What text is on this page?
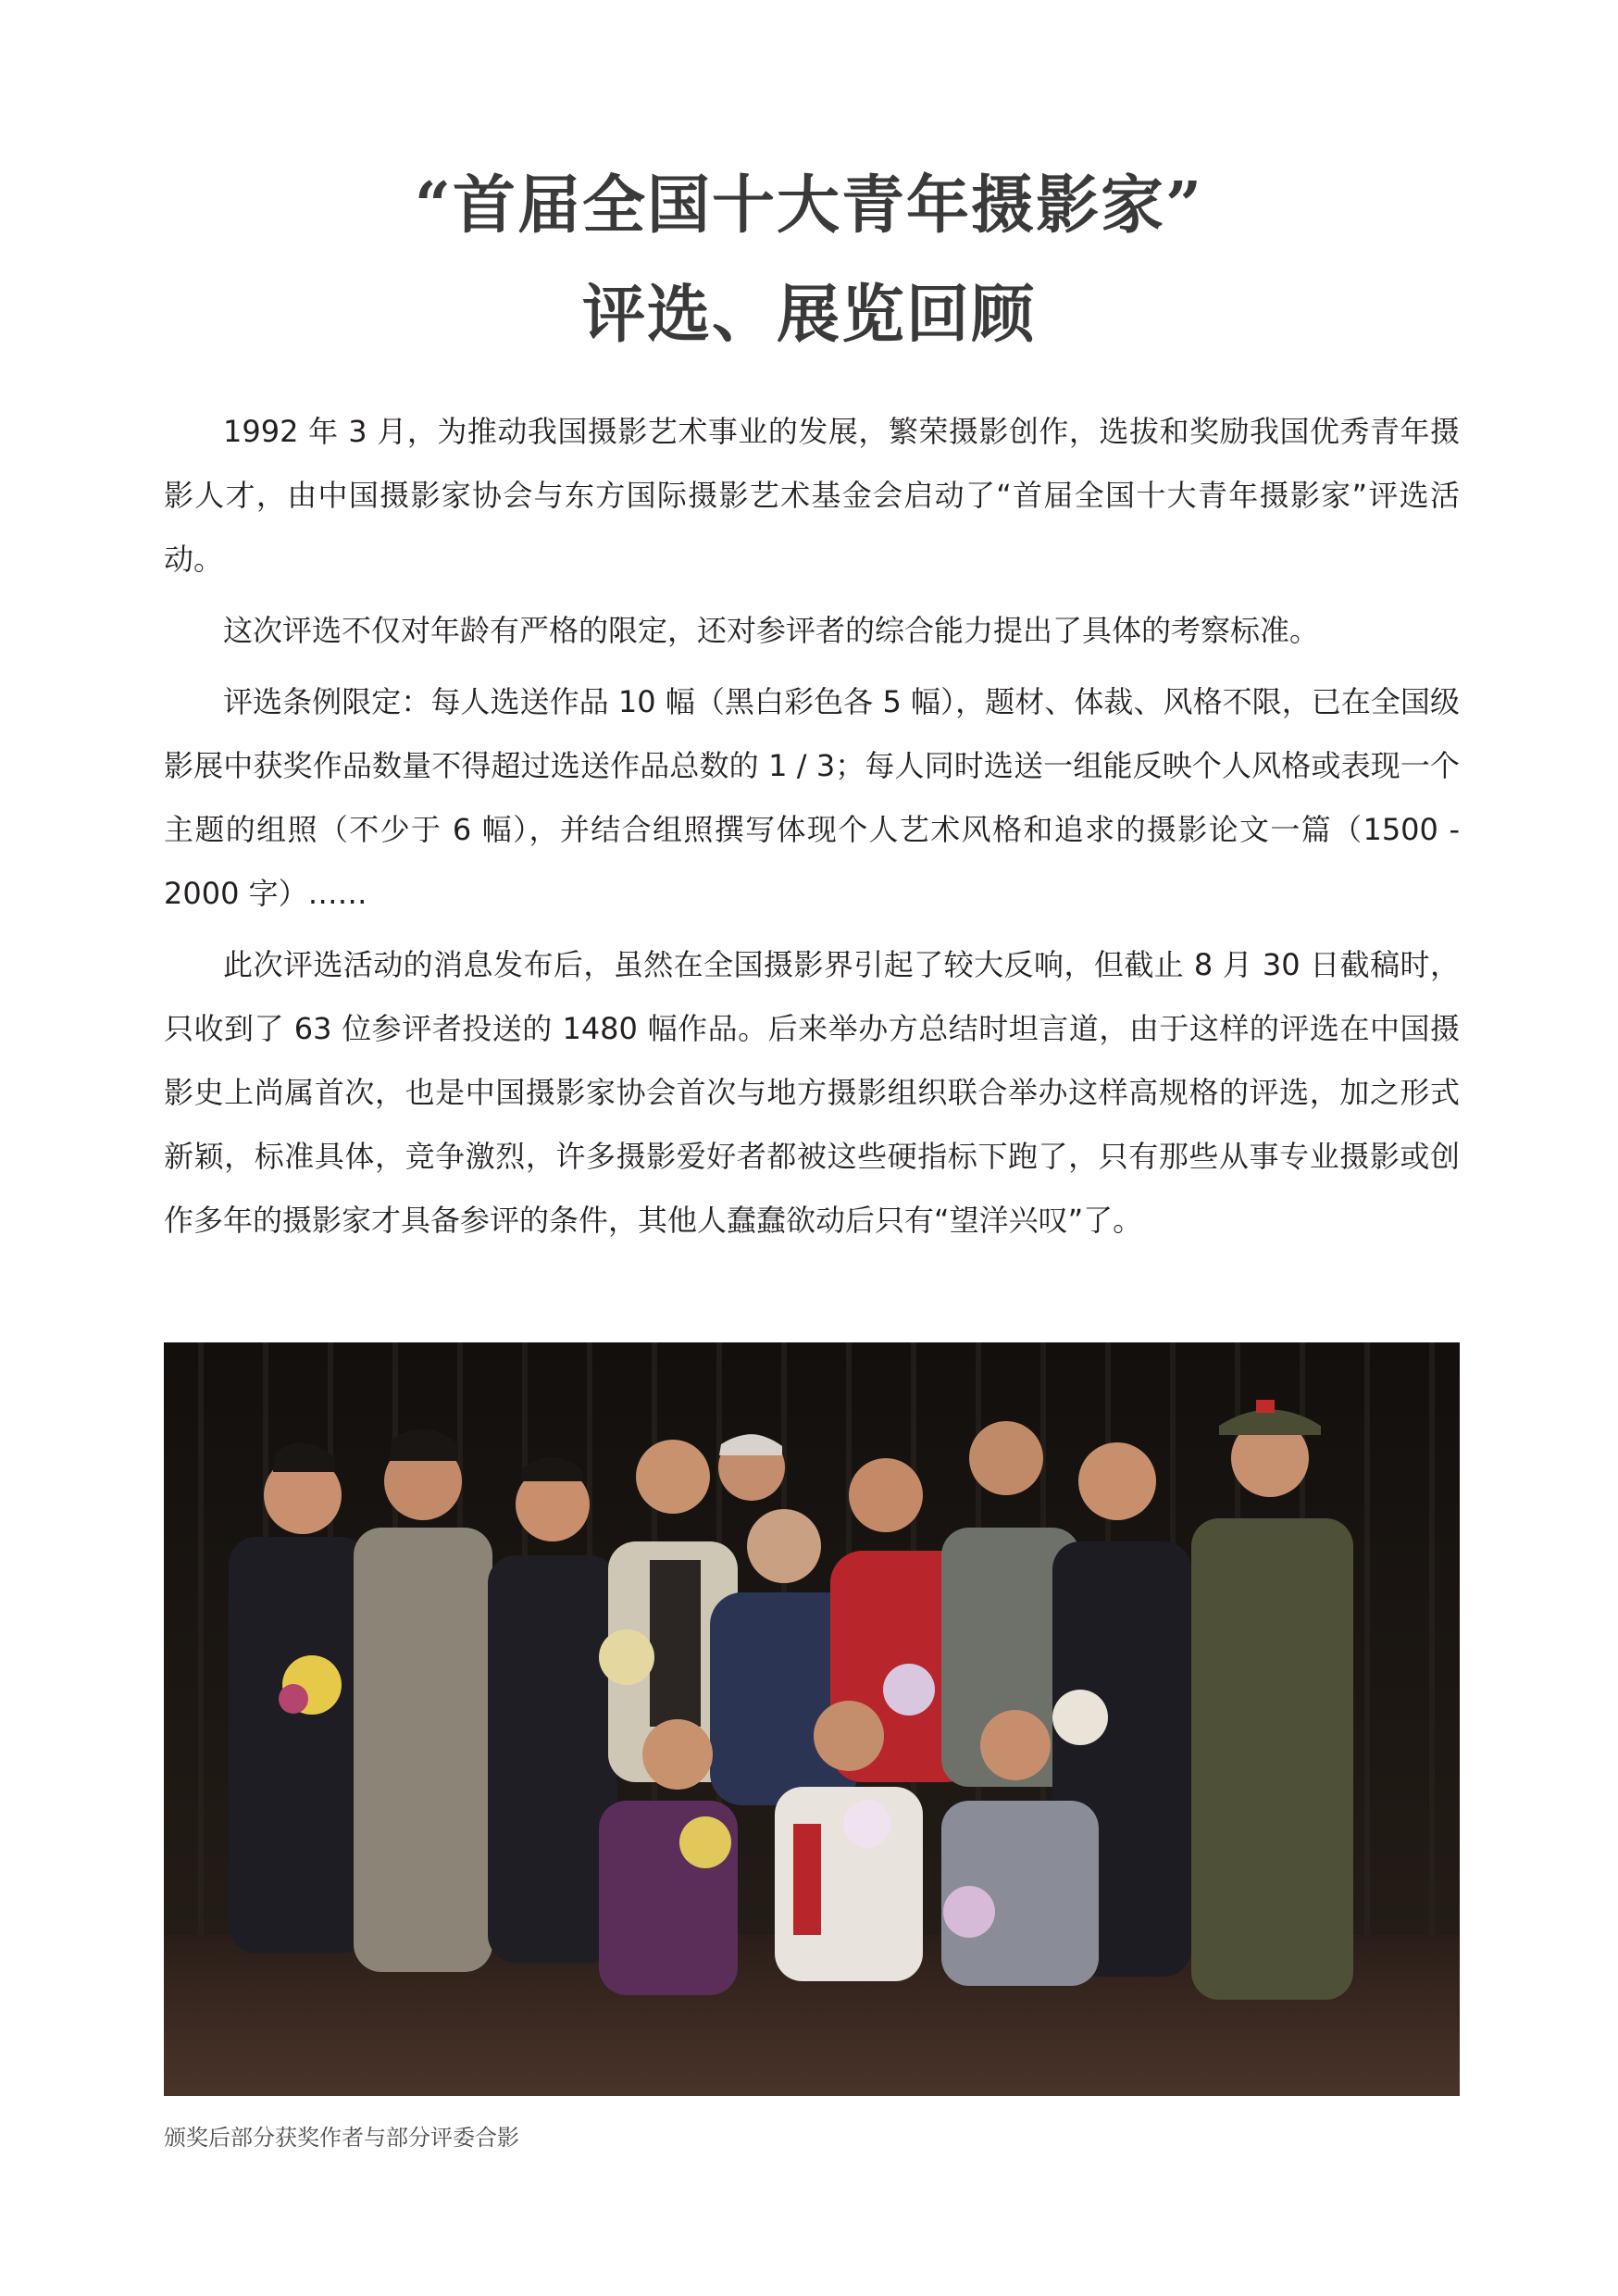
“首届全国十大青年摄影家”
评选、展览回顾

1992 年 3 月，为推动我国摄影艺术事业的发展，繁荣摄影创作，选拔和奖励我国优秀青年摄影人才，由中国摄影家协会与东方国际摄影艺术基金会启动了“首届全国十大青年摄影家”评选活动。

这次评选不仅对年龄有严格的限定，还对参评者的综合能力提出了具体的考察标准。

评选条例限定：每人选送作品 10 幅（黑白彩色各 5 幅），题材、体裁、风格不限，已在全国级影展中获奖作品数量不得超过选送作品总数的 1 / 3；每人同时选送一组能反映个人风格或表现一个主题的组照（不少于 6 幅），并结合组照撰写体现个人艺术风格和追求的摄影论文一篇（1500 - 2000 字）……

此次评选活动的消息发布后，虽然在全国摄影界引起了较大反响，但截止 8 月 30 日截稿时，只收到了 63 位参评者投送的 1480 幅作品。后来举办方总结时坦言道，由于这样的评选在中国摄影史上尚属首次，也是中国摄影家协会首次与地方摄影组织联合举办这样高规格的评选，加之形式新颖，标准具体，竞争激烈，许多摄影爱好者都被这些硬指标下跑了，只有那些从事专业摄影或创作多年的摄影家才具备参评的条件，其他人蠢蠢欲动后只有“望洋兴叹”了。

颁奖后部分获奖作者与部分评委合影
